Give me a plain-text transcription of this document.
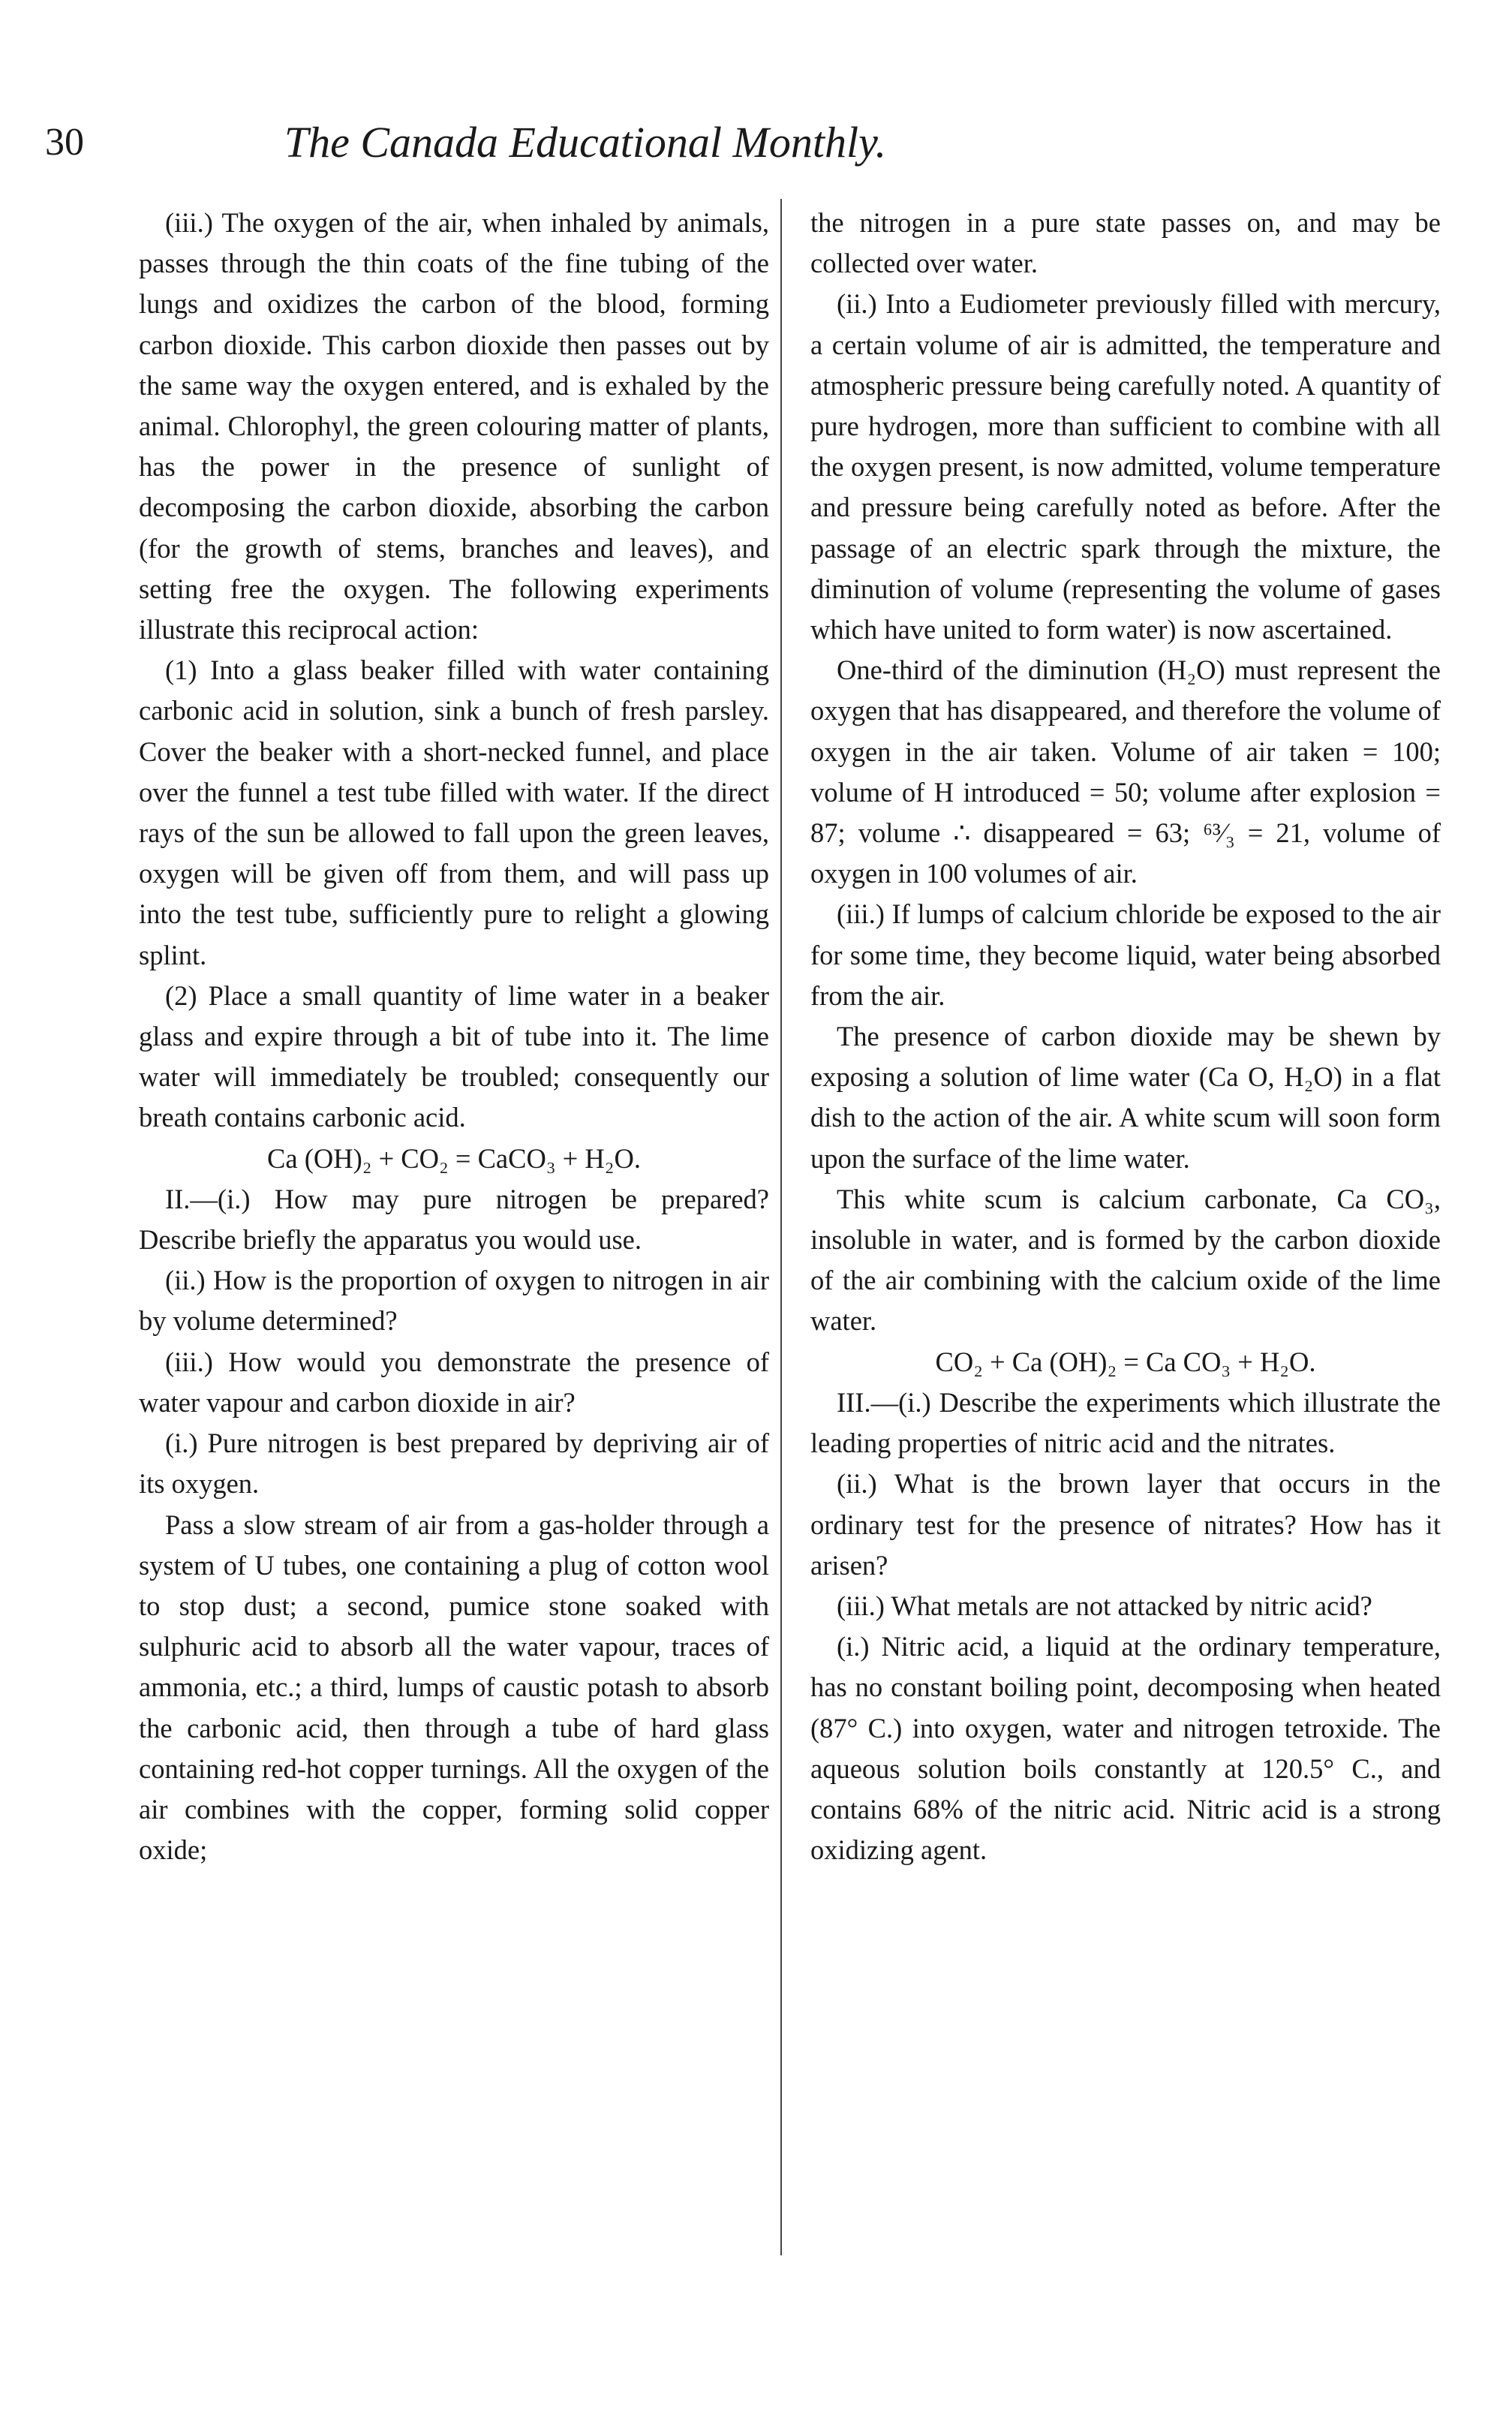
30	The Canada Educational Monthly.

(iii.) The oxygen of the air, when inhaled by animals, passes through the thin coats of the fine tubing of the lungs and oxidizes the carbon of the blood, forming carbon dioxide. This carbon dioxide then passes out by the same way the oxygen entered, and is exhaled by the animal. Chlorophyl, the green colouring matter of plants, has the power in the presence of sunlight of decomposing the carbon dioxide, absorbing the carbon (for the growth of stems, branches and leaves), and setting free the oxygen. The following experiments illustrate this reciprocal action:

(1) Into a glass beaker filled with water containing carbonic acid in solution, sink a bunch of fresh parsley. Cover the beaker with a short-necked funnel, and place over the funnel a test tube filled with water. If the direct rays of the sun be allowed to fall upon the green leaves, oxygen will be given off from them, and will pass up into the test tube, sufficiently pure to relight a glowing splint.

(2) Place a small quantity of lime water in a beaker glass and expire through a bit of tube into it. The lime water will immediately be troubled; consequently our breath contains carbonic acid.

Ca (OH)₂ + CO₂ = CaCO₃ + H₂O.

II.—(i.) How may pure nitrogen be prepared? Describe briefly the apparatus you would use.

(ii.) How is the proportion of oxygen to nitrogen in air by volume determined?

(iii.) How would you demonstrate the presence of water vapour and carbon dioxide in air?

(i.) Pure nitrogen is best prepared by depriving air of its oxygen.

Pass a slow stream of air from a gas-holder through a system of U tubes, one containing a plug of cotton wool to stop dust; a second, pumice stone soaked with sulphuric acid to absorb all the water vapour, traces of ammonia, etc.; a third, lumps of caustic potash to absorb the carbonic acid, then through a tube of hard glass containing red-hot copper turnings. All the oxygen of the air combines with the copper, forming solid copper oxide;

the nitrogen in a pure state passes on, and may be collected over water.

(ii.) Into a Eudiometer previously filled with mercury, a certain volume of air is admitted, the temperature and atmospheric pressure being carefully noted. A quantity of pure hydrogen, more than sufficient to combine with all the oxygen present, is now admitted, volume temperature and pressure being carefully noted as before. After the passage of an electric spark through the mixture, the diminution of volume (representing the volume of gases which have united to form water) is now ascertained.

One-third of the diminution (H₂O) must represent the oxygen that has disappeared, and therefore the volume of oxygen in the air taken. Volume of air taken = 100; volume of H introduced = 50; volume after explosion = 87; volume ∴ disappeared = 63; ⁶³⁄₃ = 21, volume of oxygen in 100 volumes of air.

(iii.) If lumps of calcium chloride be exposed to the air for some time, they become liquid, water being absorbed from the air.

The presence of carbon dioxide may be shewn by exposing a solution of lime water (Ca O, H₂O) in a flat dish to the action of the air. A white scum will soon form upon the surface of the lime water.

This white scum is calcium carbonate, Ca CO₃, insoluble in water, and is formed by the carbon dioxide of the air combining with the calcium oxide of the lime water.

CO₂ + Ca (OH)₂ = Ca CO₃ + H₂O.

III.—(i.) Describe the experiments which illustrate the leading properties of nitric acid and the nitrates.

(ii.) What is the brown layer that occurs in the ordinary test for the presence of nitrates? How has it arisen?

(iii.) What metals are not attacked by nitric acid?

(i.) Nitric acid, a liquid at the ordinary temperature, has no constant boiling point, decomposing when heated (87° C.) into oxygen, water and nitrogen tetroxide. The aqueous solution boils constantly at 120.5° C., and contains 68% of the nitric acid. Nitric acid is a strong oxidizing agent.
